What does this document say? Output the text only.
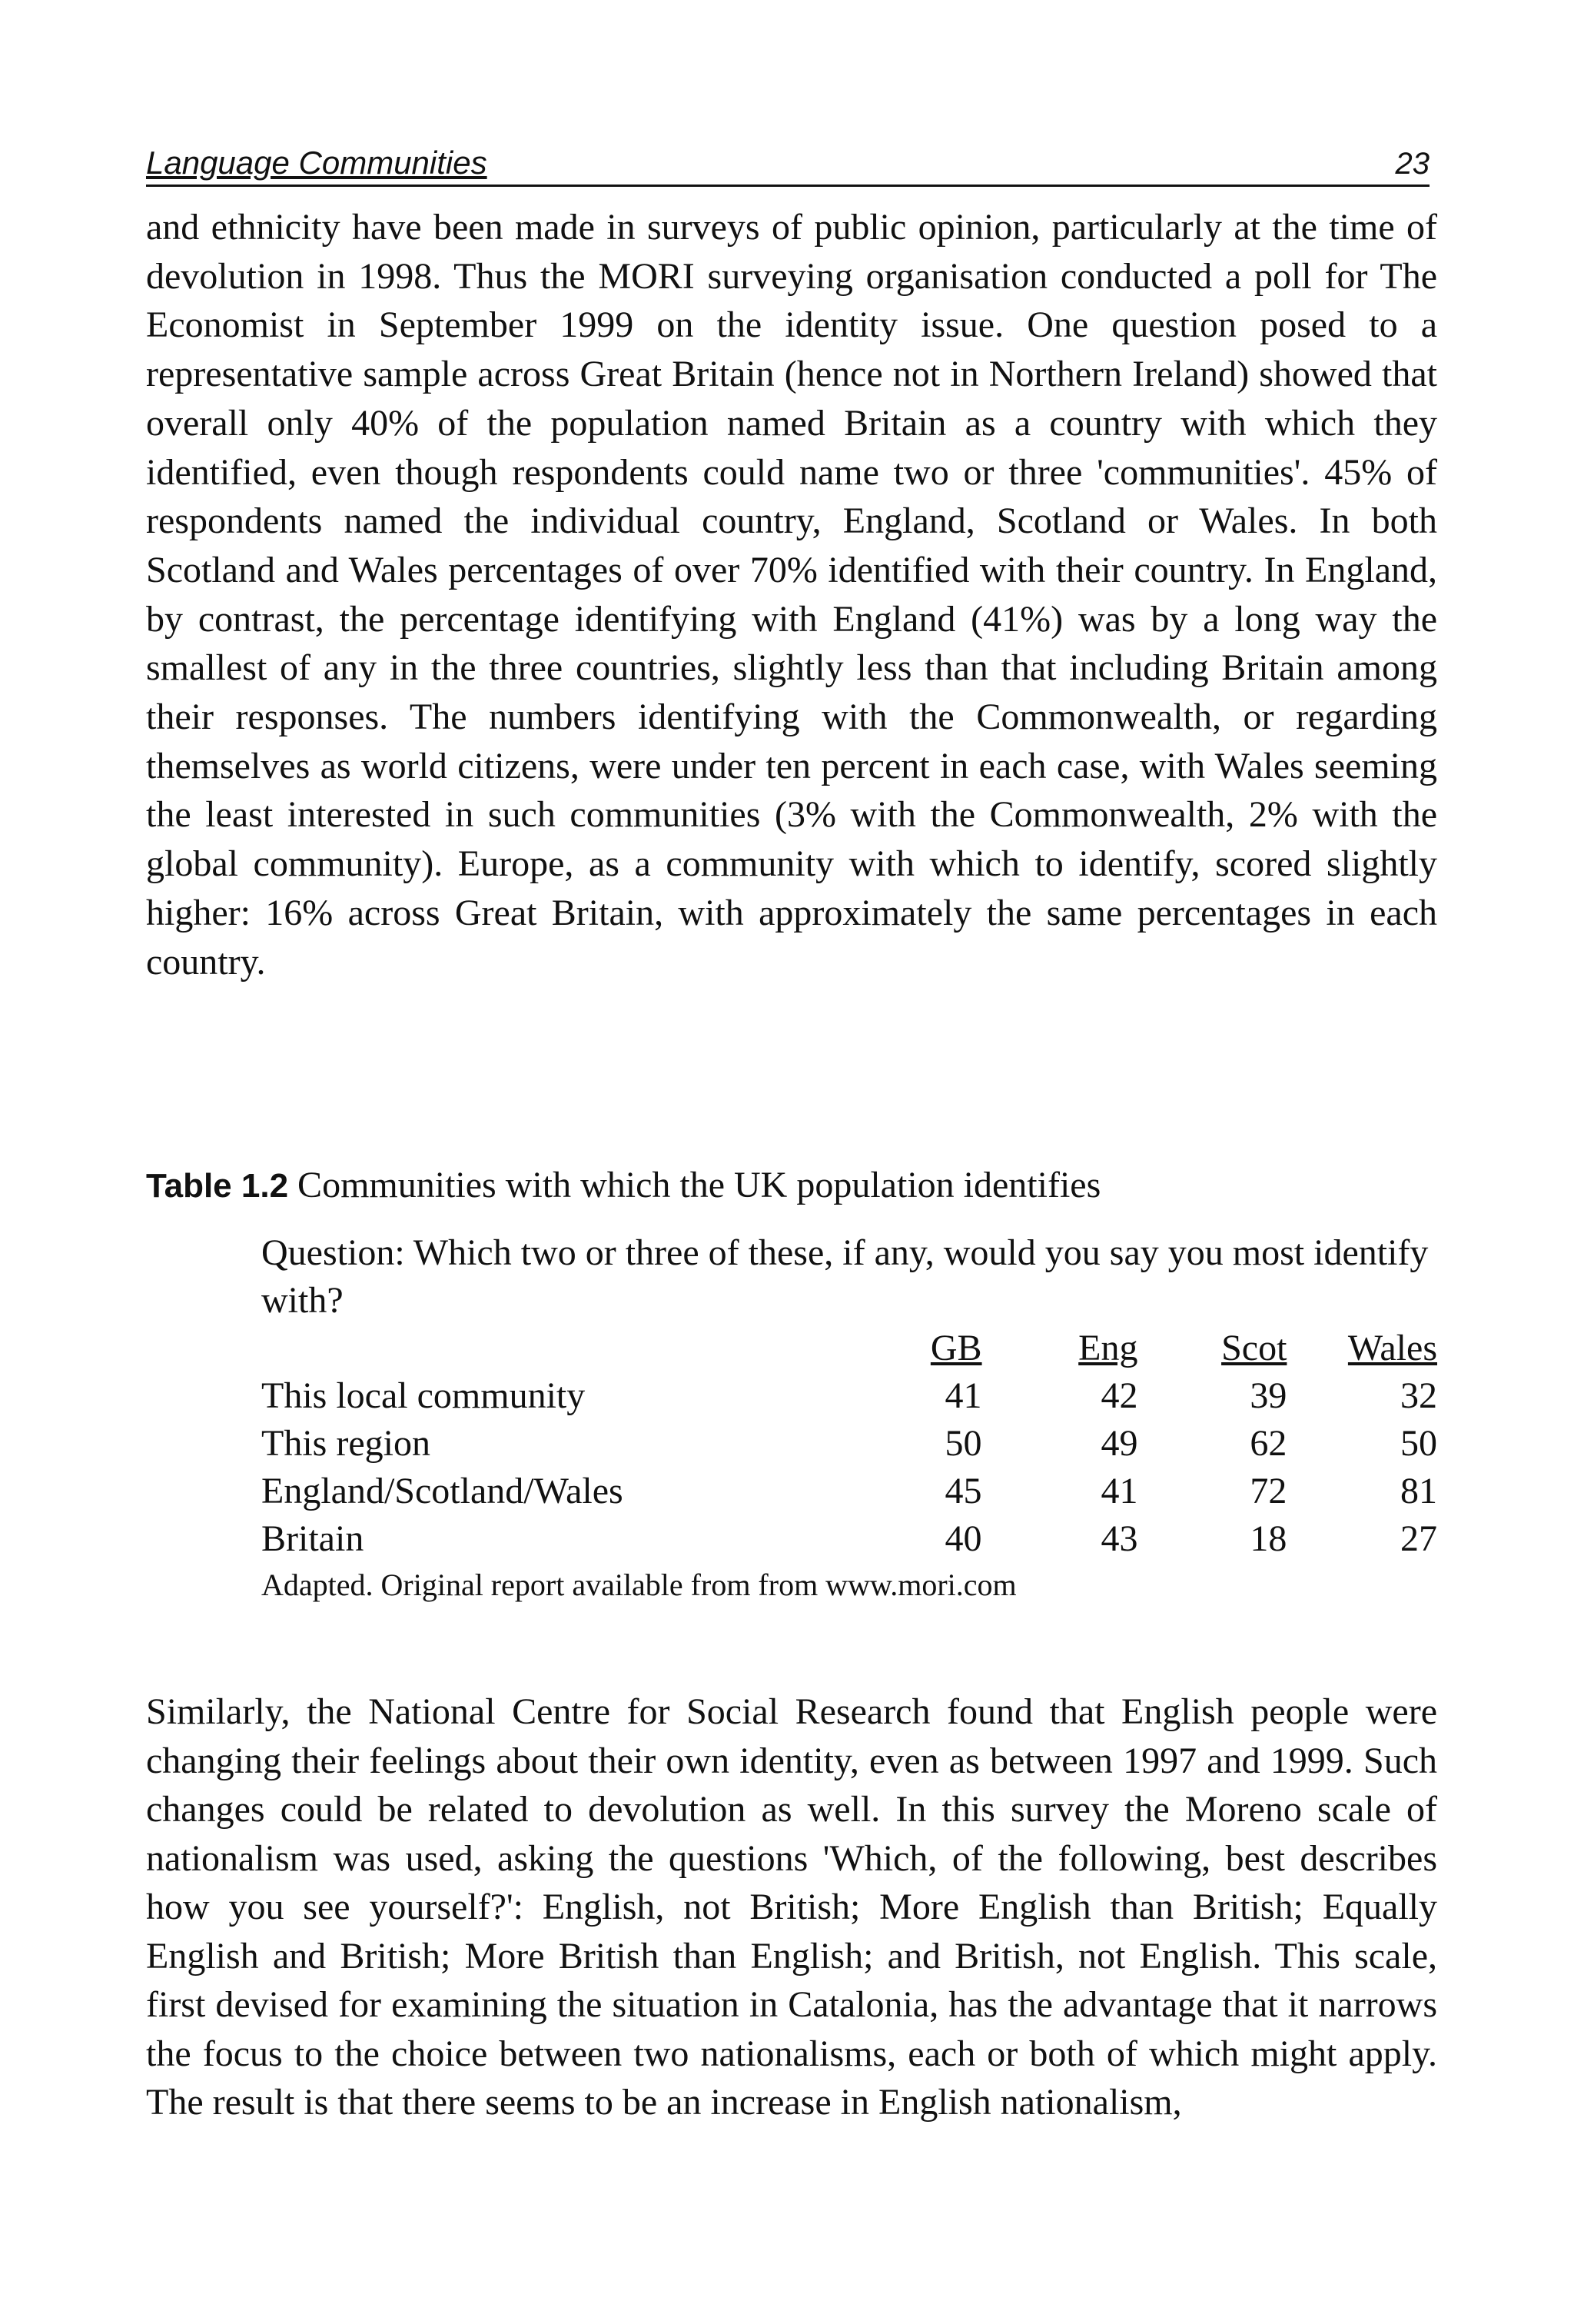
Language Communities	23

and ethnicity have been made in surveys of public opinion, particularly at the time of devolution in 1998. Thus the MORI surveying organisation conducted a poll for The Economist in September 1999 on the identity issue. One question posed to a representative sample across Great Britain (hence not in Northern Ireland) showed that overall only 40% of the population named Britain as a country with which they identified, even though respondents could name two or three 'communities'. 45% of respondents named the individual country, England, Scotland or Wales. In both Scotland and Wales percentages of over 70% identified with their country. In England, by contrast, the percentage identifying with England (41%) was by a long way the smallest of any in the three countries, slightly less than that including Britain among their responses. The numbers identifying with the Commonwealth, or regarding themselves as world citizens, were under ten percent in each case, with Wales seeming the least interested in such communities (3% with the Commonwealth, 2% with the global community). Europe, as a community with which to identify, scored slightly higher: 16% across Great Britain, with approximately the same percentages in each country.

Table 1.2 Communities with which the UK population identifies

Question: Which two or three of these, if any, would you say you most identify with?

	GB	Eng	Scot	Wales
This local community	41	42	39	32
This region	50	49	62	50
England/Scotland/Wales	45	41	72	81
Britain	40	43	18	27

Adapted. Original report available from from www.mori.com

Similarly, the National Centre for Social Research found that English people were changing their feelings about their own identity, even as between 1997 and 1999. Such changes could be related to devolution as well. In this survey the Moreno scale of nationalism was used, asking the questions 'Which, of the following, best describes how you see yourself?': English, not British; More English than British; Equally English and British; More British than English; and British, not English. This scale, first devised for examining the situation in Catalonia, has the advantage that it narrows the focus to the choice between two nationalisms, each or both of which might apply. The result is that there seems to be an increase in English nationalism,
